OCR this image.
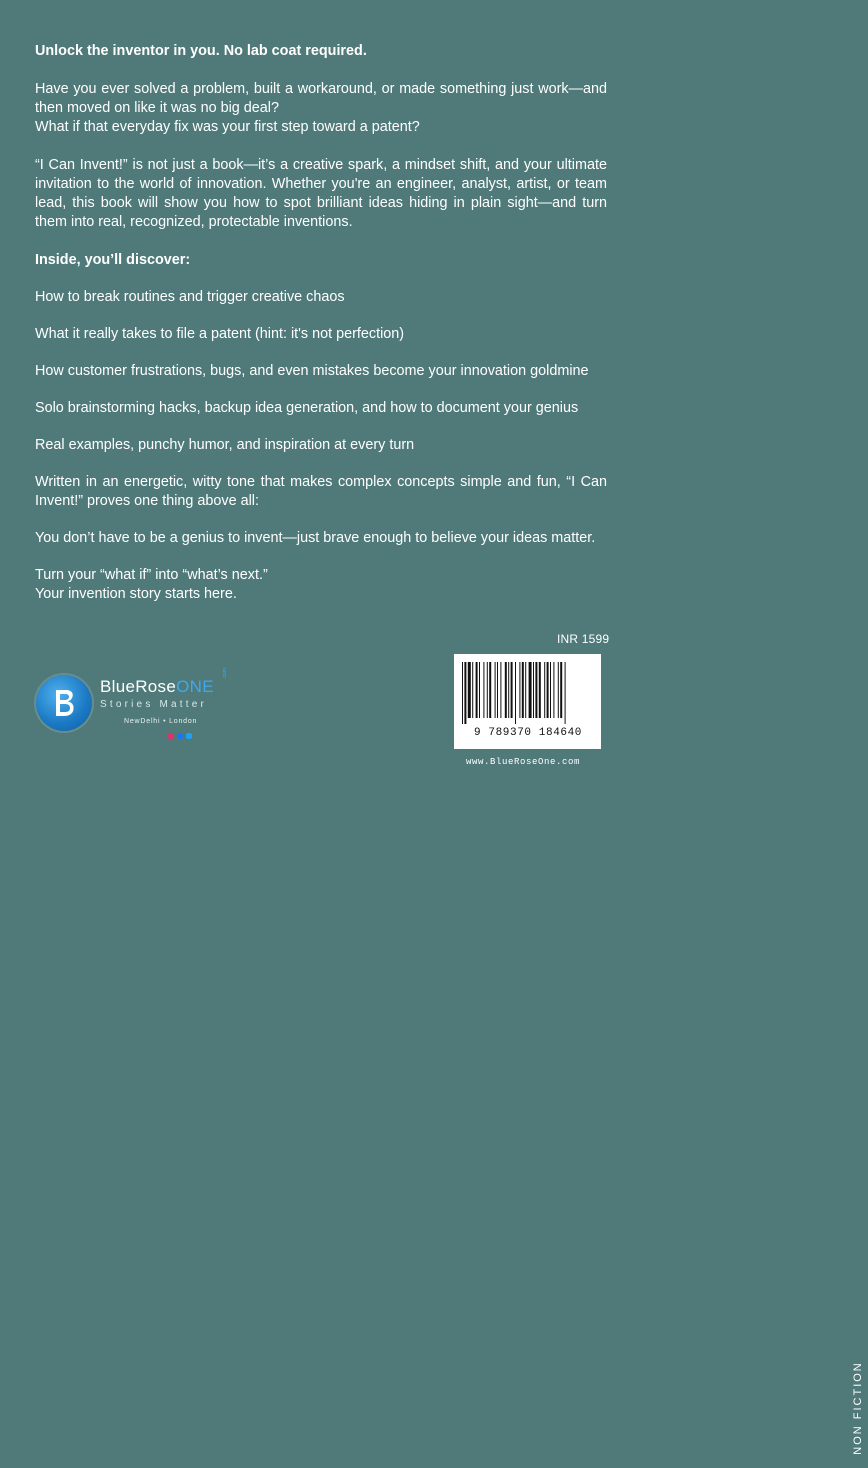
Unlock the inventor in you. No lab coat required.

Have you ever solved a problem, built a workaround, or made something just work—and then moved on like it was no big deal?

What if that everyday fix was your first step toward a patent?

“I Can Invent!” is not just a book—it’s a creative spark, a mindset shift, and your ultimate invitation to the world of innovation. Whether you're an engineer, analyst, artist, or team lead, this book will show you how to spot brilliant ideas hiding in plain sight—and turn them into real, recognized, protectable inventions.

Inside, you’ll discover:

How to break routines and trigger creative chaos

What it really takes to file a patent (hint: it's not perfection)

How customer frustrations, bugs, and even mistakes become your innovation goldmine

Solo brainstorming hacks, backup idea generation, and how to document your genius

Real examples, punchy humor, and inspiration at every turn

Written in an energetic, witty tone that makes complex concepts simple and fun, “I Can Invent!” proves one thing above all:

You don’t have to be a genius to invent—just brave enough to believe your ideas matter.

Turn your “what if” into “what’s next.”

Your invention story starts here.

BlueRoseONE
.com
Stories Matter
NewDelhi • London
INR 1599
NON FICTION
9 789370 184640
www.BlueRoseOne.com
